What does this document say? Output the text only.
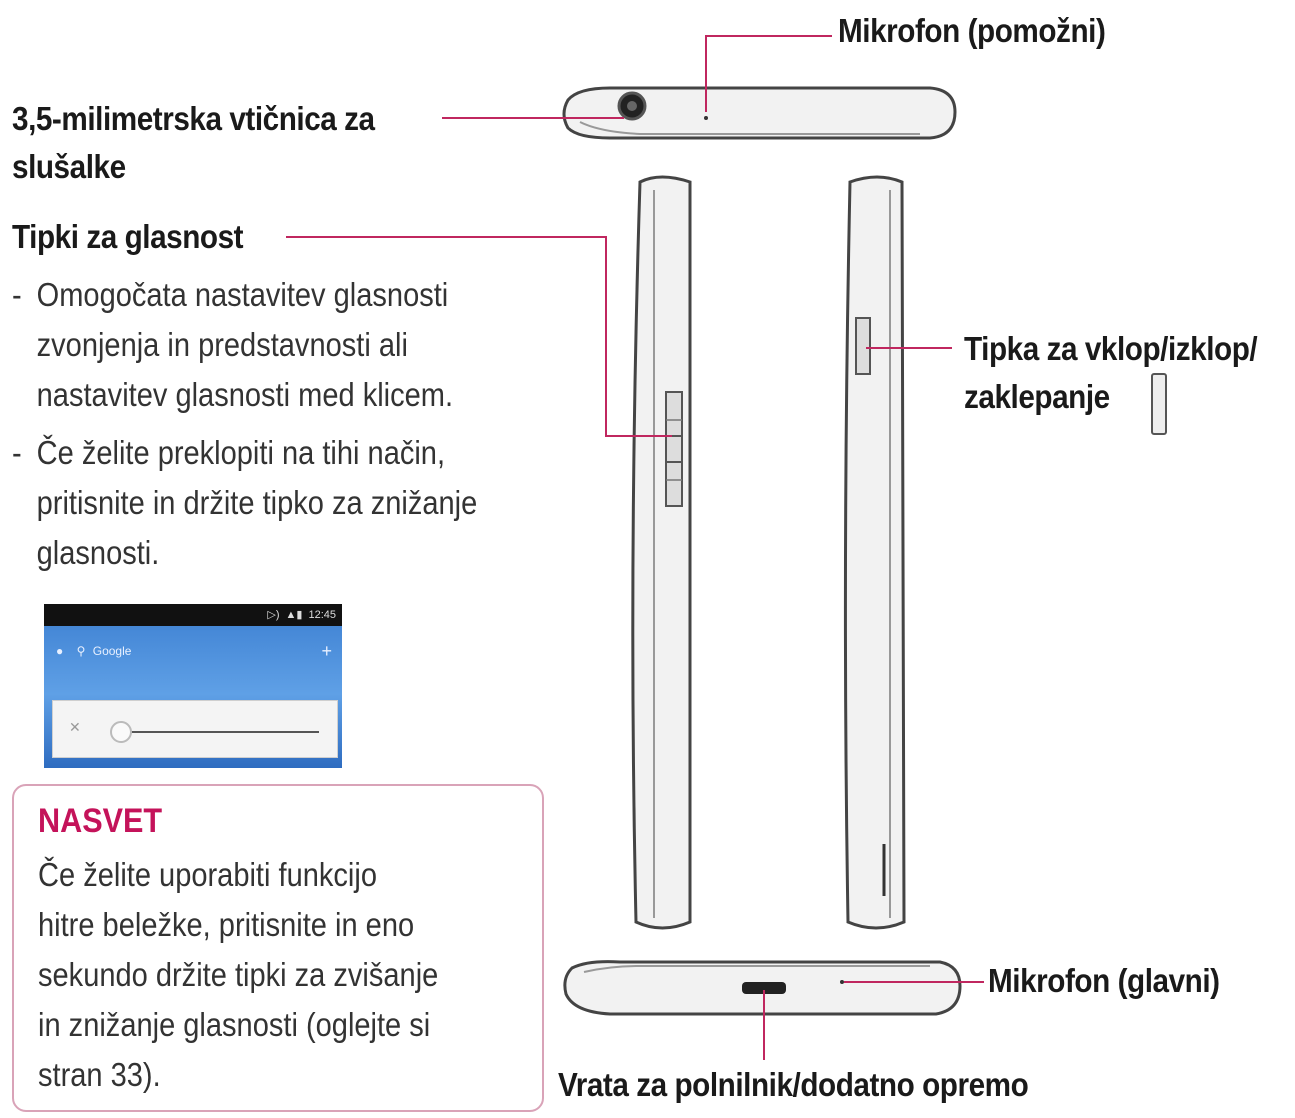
Mikrofon (pomožni)
3,5-milimetrska vtičnica za
slušalke
Tipki za glasnost
- Omogočata nastavitev glasnosti
zvonjenja in predstavnosti ali
nastavitev glasnosti med klicem.
- Če želite preklopiti na tihi način,
pritisnite in držite tipko za znižanje
glasnosti.
▷) ▲▮ 12:45
● ⚲ Google	+
✕
NASVET
Če želite uporabiti funkcijo
hitre beležke, pritisnite in eno
sekundo držite tipki za zvišanje
in znižanje glasnosti (oglejte si
stran 33).
Tipka za vklop/izklop/
zaklepanje
Mikrofon (glavni)
Vrata za polnilnik/dodatno opremo
